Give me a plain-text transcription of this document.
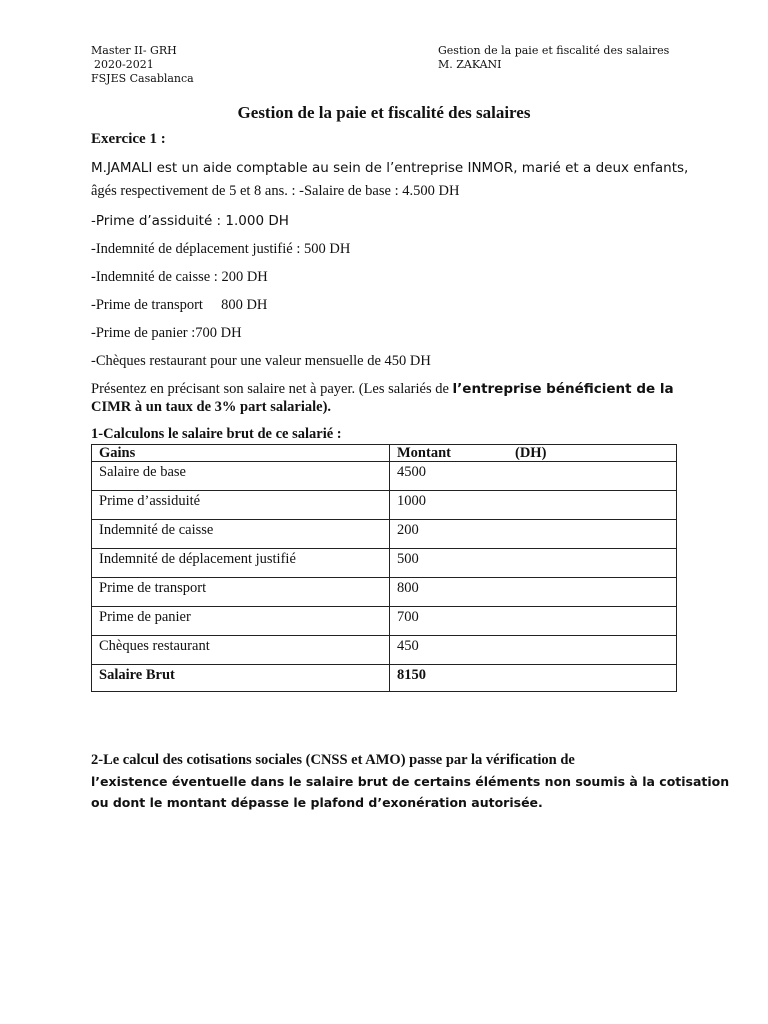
Master II- GRH
2020-2021
FSJES Casablanca
Gestion de la paie et fiscalité des salaires
M. ZAKANI
Gestion de la paie et fiscalité des salaires
Exercice 1 :
M.JAMALI est un aide comptable au sein de l’entreprise INMOR, marié et a deux enfants,
âgés respectivement de 5 et 8 ans. : -Salaire de base : 4.500 DH
-Prime d’assiduité : 1.000 DH
-Indemnité de déplacement justifié : 500 DH
-Indemnité de caisse : 200 DH
-Prime de transport     800 DH
-Prime de panier :700 DH
-Chèques restaurant pour une valeur mensuelle de 450 DH
Présentez en précisant son salaire net à payer. (Les salariés de l’entreprise bénéficient de la
CIMR à un taux de 3% part salariale).
1-Calculons le salaire brut de ce salarié :
Gains	Montant (DH)
Salaire de base	4500
Prime d’assiduité	1000
Indemnité de caisse	200
Indemnité de déplacement justifié	500
Prime de transport	800
Prime de panier	700
Chèques restaurant	450
Salaire Brut	8150
2-Le calcul des cotisations sociales (CNSS et AMO) passe par la vérification de
l’existence éventuelle dans le salaire brut de certains éléments non soumis à la cotisation
ou dont le montant dépasse le plafond d’exonération autorisée.
